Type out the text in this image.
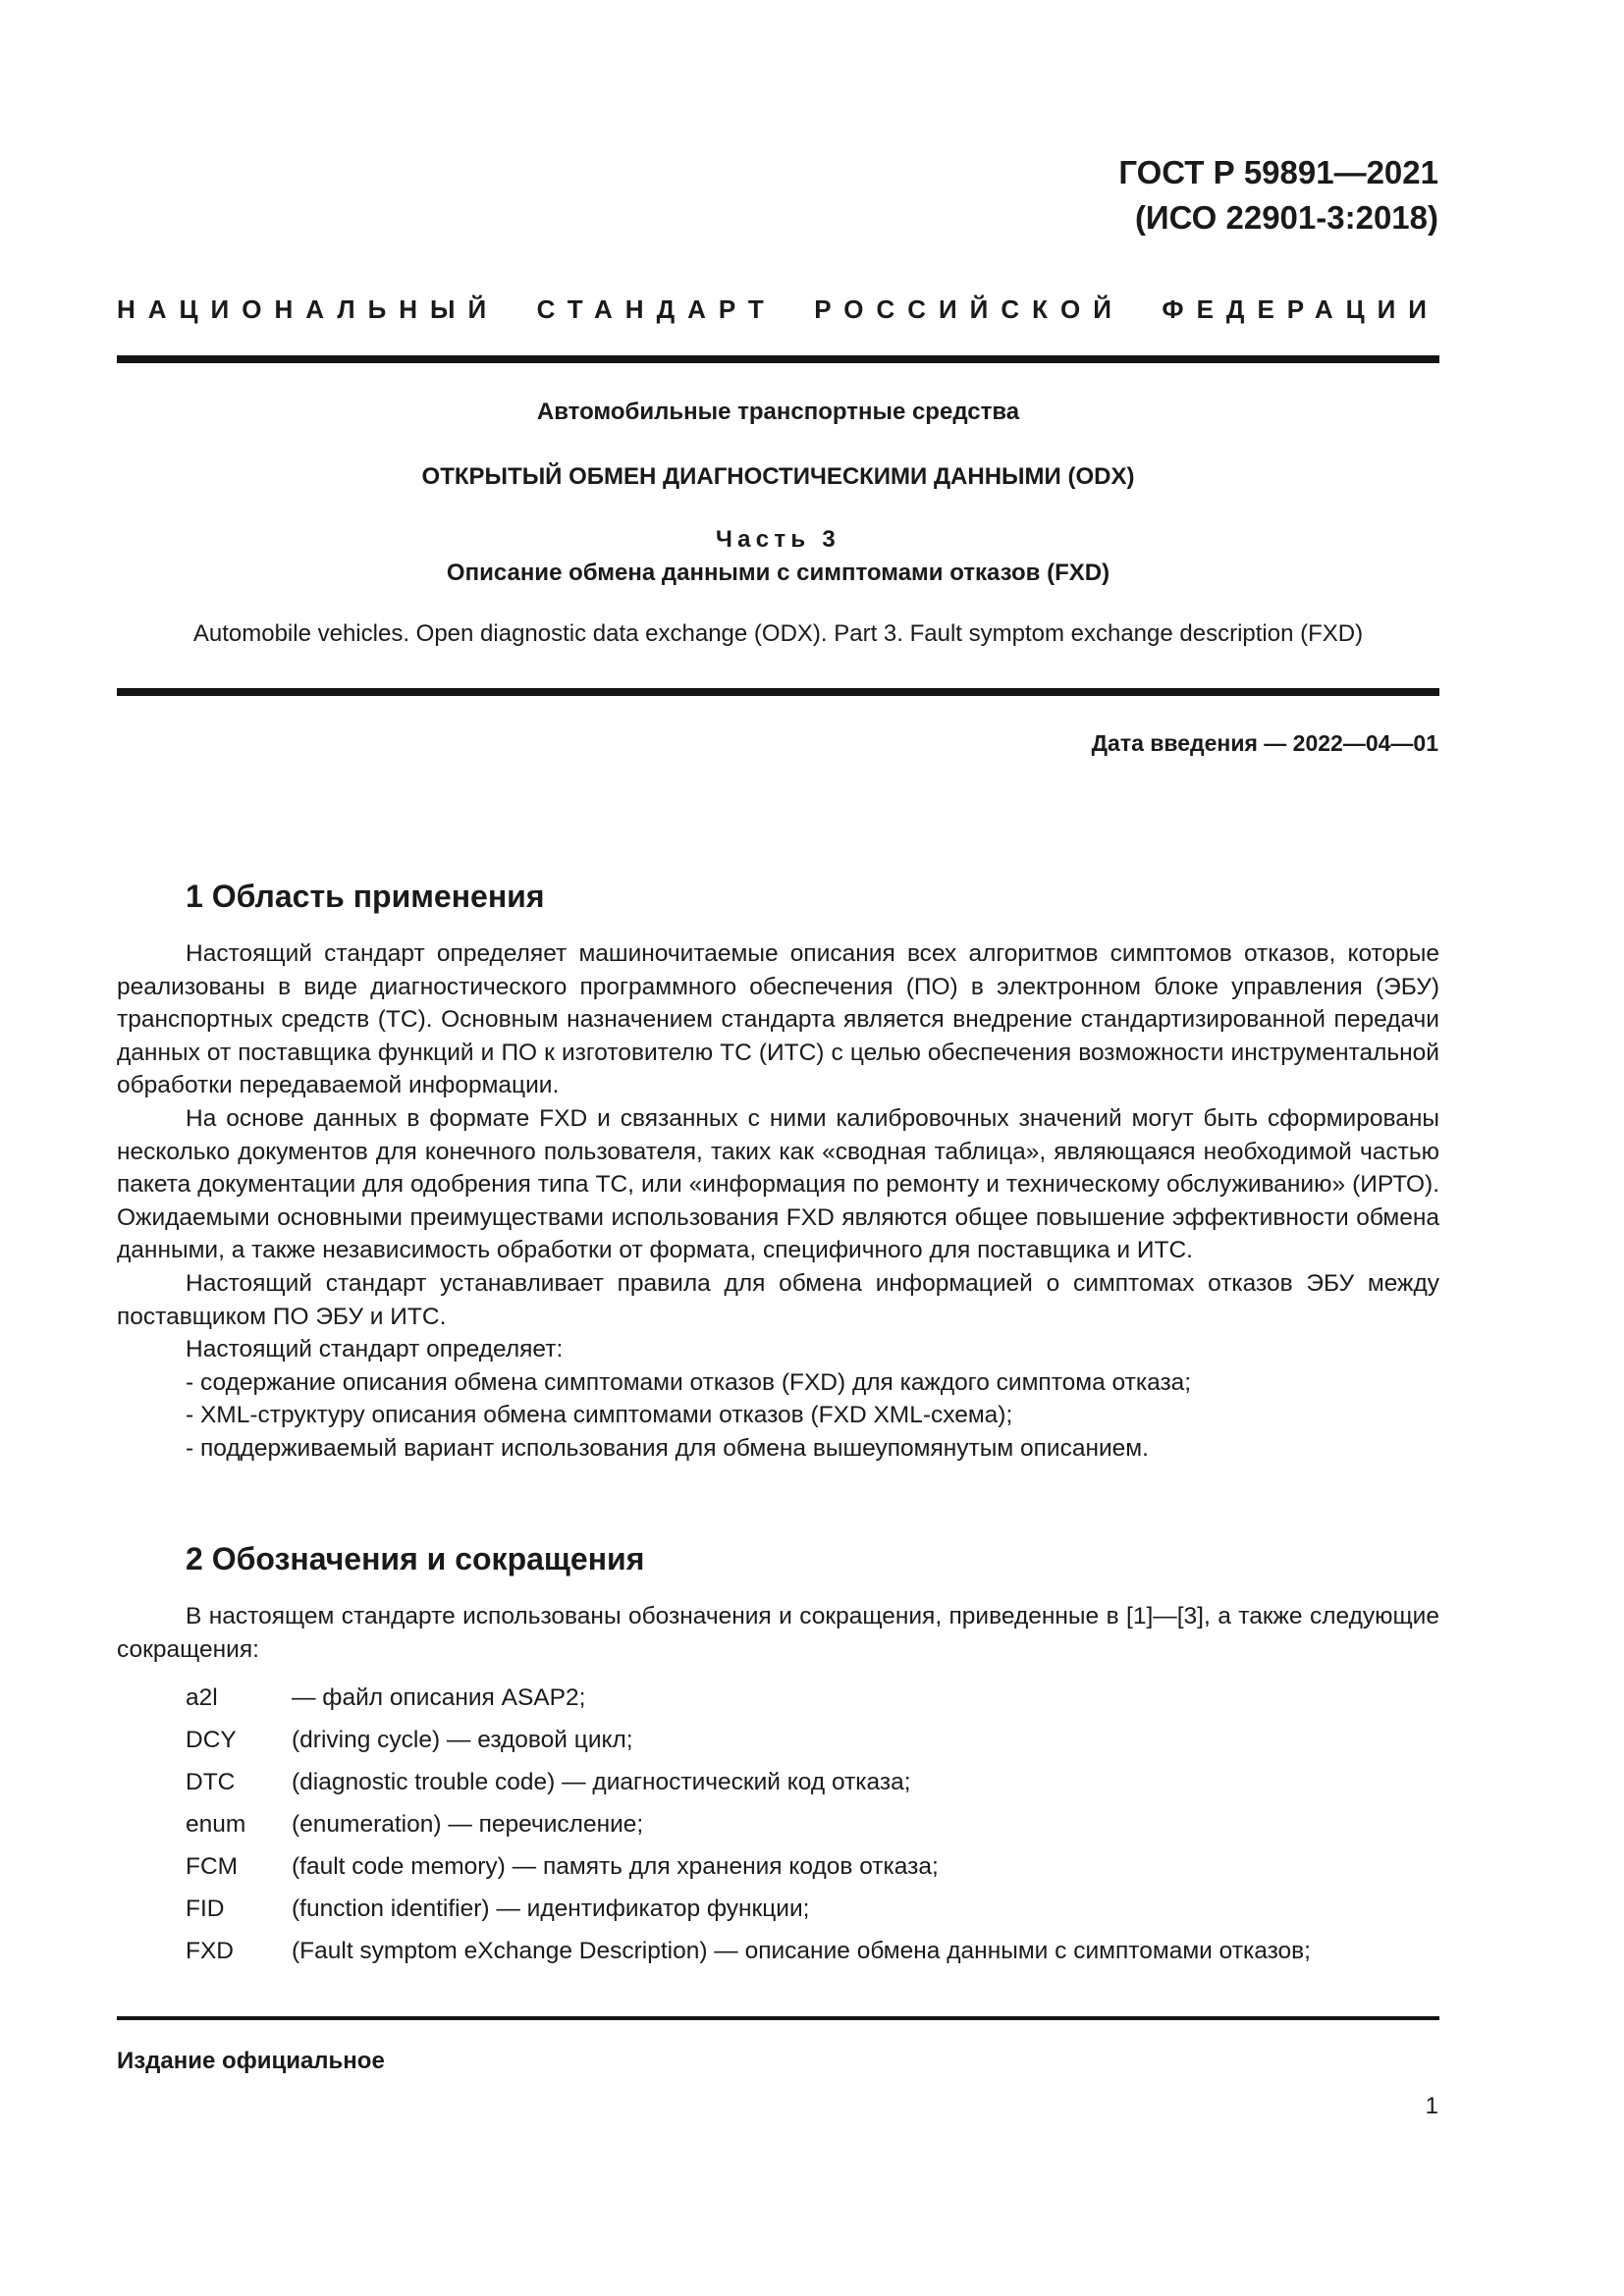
ГОСТ Р 59891—2021
(ИСО 22901-3:2018)
НАЦИОНАЛЬНЫЙ СТАНДАРТ РОССИЙСКОЙ ФЕДЕРАЦИИ
Автомобильные транспортные средства
ОТКРЫТЫЙ ОБМЕН ДИАГНОСТИЧЕСКИМИ ДАННЫМИ (ODX)
Часть 3
Описание обмена данными с симптомами отказов (FXD)
Automobile vehicles. Open diagnostic data exchange (ODX). Part 3. Fault symptom exchange description (FXD)
Дата введения — 2022—04—01
1 Область применения

Настоящий стандарт определяет машиночитаемые описания всех алгоритмов симптомов отказов, которые реализованы в виде диагностического программного обеспечения (ПО) в электронном блоке управления (ЭБУ) транспортных средств (ТС). Основным назначением стандарта является внедрение стандартизированной передачи данных от поставщика функций и ПО к изготовителю ТС (ИТС) с целью обеспечения возможности инструментальной обработки передаваемой информации.

На основе данных в формате FXD и связанных с ними калибровочных значений могут быть сформированы несколько документов для конечного пользователя, таких как «сводная таблица», являющаяся необходимой частью пакета документации для одобрения типа ТС, или «информация по ремонту и техническому обслуживанию» (ИРТО). Ожидаемыми основными преимуществами использования FXD являются общее повышение эффективности обмена данными, а также независимость обработки от формата, специфичного для поставщика и ИТС.

Настоящий стандарт устанавливает правила для обмена информацией о симптомах отказов ЭБУ между поставщиком ПО ЭБУ и ИТС.

Настоящий стандарт определяет:

- содержание описания обмена симптомами отказов (FXD) для каждого симптома отказа;

- XML-структуру описания обмена симптомами отказов (FXD XML-схема);

- поддерживаемый вариант использования для обмена вышеупомянутым описанием.

2 Обозначения и сокращения

В настоящем стандарте использованы обозначения и сокращения, приведенные в [1]—[3], а также следующие сокращения:

a2l	— файл описания ASAP2;
DCY	(driving cycle) — ездовой цикл;
DTC	(diagnostic trouble code) — диагностический код отказа;
enum	(enumeration) — перечисление;
FCM	(fault code memory) — память для хранения кодов отказа;
FID	(function identifier) — идентификатор функции;
FXD	(Fault symptom eXchange Description) — описание обмена данными с симптомами отказов;
Издание официальное
1
